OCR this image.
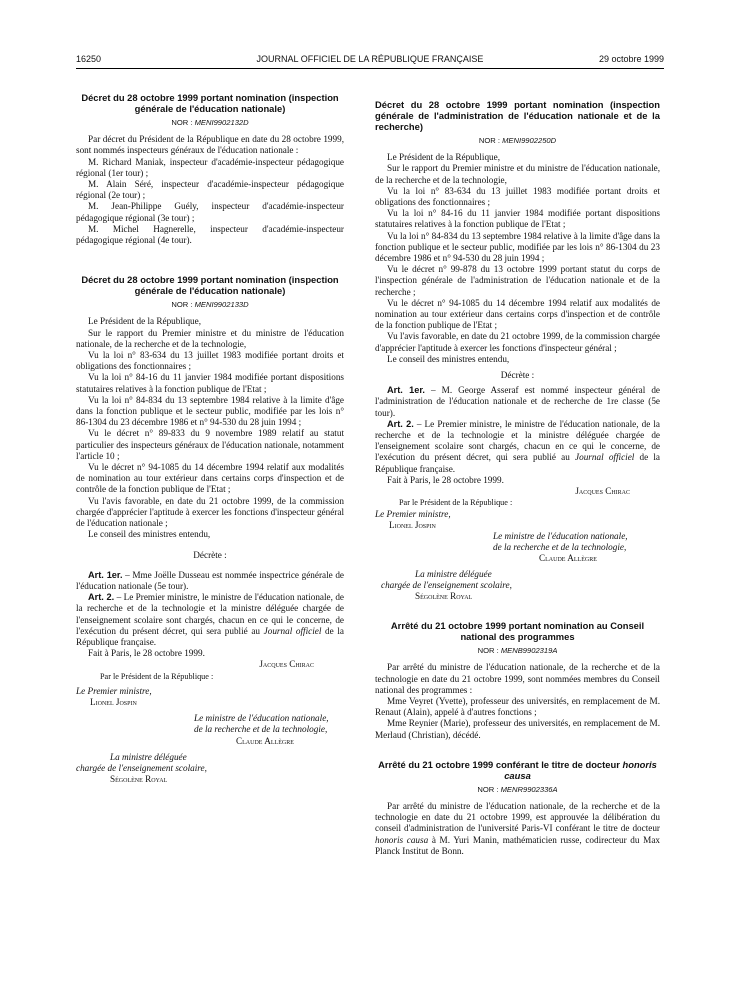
16250	JOURNAL OFFICIEL DE LA RÉPUBLIQUE FRANÇAISE	29 octobre 1999
Décret du 28 octobre 1999 portant nomination (inspection générale de l'éducation nationale)
NOR : MENI9902132D

Par décret du Président de la République en date du 28 octobre 1999, sont nommés inspecteurs généraux de l'éducation nationale :

M. Richard Maniak, inspecteur d'académie-inspecteur pédagogique régional (1er tour) ;

M. Alain Séré, inspecteur d'académie-inspecteur pédagogique régional (2e tour) ;

M. Jean-Philippe Guély, inspecteur d'académie-inspecteur pédagogique régional (3e tour) ;

M. Michel Hagnerelle, inspecteur d'académie-inspecteur pédagogique régional (4e tour).

Décret du 28 octobre 1999 portant nomination (inspection générale de l'éducation nationale)
NOR : MENI9902133D

Le Président de la République,

Sur le rapport du Premier ministre et du ministre de l'éducation nationale, de la recherche et de la technologie,

Vu la loi n° 83-634 du 13 juillet 1983 modifiée portant droits et obligations des fonctionnaires ;

Vu la loi n° 84-16 du 11 janvier 1984 modifiée portant dispositions statutaires relatives à la fonction publique de l'Etat ;

Vu la loi n° 84-834 du 13 septembre 1984 relative à la limite d'âge dans la fonction publique et le secteur public, modifiée par les lois n° 86-1304 du 23 décembre 1986 et n° 94-530 du 28 juin 1994 ;

Vu le décret n° 89-833 du 9 novembre 1989 relatif au statut particulier des inspecteurs généraux de l'éducation nationale, notamment l'article 10 ;

Vu le décret n° 94-1085 du 14 décembre 1994 relatif aux modalités de nomination au tour extérieur dans certains corps d'inspection et de contrôle de la fonction publique de l'Etat ;

Vu l'avis favorable, en date du 21 octobre 1999, de la commission chargée d'apprécier l'aptitude à exercer les fonctions d'inspecteur général de l'éducation nationale ;

Le conseil des ministres entendu,

Décrète :

Art. 1er. – Mme Joëlle Dusseau est nommée inspectrice générale de l'éducation nationale (5e tour).

Art. 2. – Le Premier ministre, le ministre de l'éducation nationale, de la recherche et de la technologie et la ministre déléguée chargée de l'enseignement scolaire sont chargés, chacun en ce qui le concerne, de l'exécution du présent décret, qui sera publié au Journal officiel de la République française.

Fait à Paris, le 28 octobre 1999.

Jacques Chirac

Par le Président de la République :

Le Premier ministre,

Lionel Jospin

Le ministre de l'éducation nationale,

de la recherche et de la technologie,

Claude Allègre

La ministre déléguée

chargée de l'enseignement scolaire,

Ségolène Royal

Décret du 28 octobre 1999 portant nomination (inspection générale de l'administration de l'éducation nationale et de la recherche)
NOR : MENI9902250D

Le Président de la République,

Sur le rapport du Premier ministre et du ministre de l'éducation nationale, de la recherche et de la technologie,

Vu la loi n° 83-634 du 13 juillet 1983 modifiée portant droits et obligations des fonctionnaires ;

Vu la loi n° 84-16 du 11 janvier 1984 modifiée portant dispositions statutaires relatives à la fonction publique de l'Etat ;

Vu la loi n° 84-834 du 13 septembre 1984 relative à la limite d'âge dans la fonction publique et le secteur public, modifiée par les lois n° 86-1304 du 23 décembre 1986 et n° 94-530 du 28 juin 1994 ;

Vu le décret n° 99-878 du 13 octobre 1999 portant statut du corps de l'inspection générale de l'administration de l'éducation nationale et de la recherche ;

Vu le décret n° 94-1085 du 14 décembre 1994 relatif aux modalités de nomination au tour extérieur dans certains corps d'inspection et de contrôle de la fonction publique de l'Etat ;

Vu l'avis favorable, en date du 21 octobre 1999, de la commission chargée d'apprécier l'aptitude à exercer les fonctions d'inspecteur général ;

Le conseil des ministres entendu,

Décrète :

Art. 1er. – M. George Asseraf est nommé inspecteur général de l'administration de l'éducation nationale et de recherche de 1re classe (5e tour).

Art. 2. – Le Premier ministre, le ministre de l'éducation nationale, de la recherche et de la technologie et la ministre déléguée chargée de l'enseignement scolaire sont chargés, chacun en ce qui le concerne, de l'exécution du présent décret, qui sera publié au Journal officiel de la République française.

Fait à Paris, le 28 octobre 1999.

Jacques Chirac

Par le Président de la République :

Le Premier ministre,

Lionel Jospin

Le ministre de l'éducation nationale,

de la recherche et de la technologie,

Claude Allègre

La ministre déléguée

chargée de l'enseignement scolaire,

Ségolène Royal

Arrêté du 21 octobre 1999 portant nomination au Conseil national des programmes
NOR : MENB9902319A

Par arrêté du ministre de l'éducation nationale, de la recherche et de la technologie en date du 21 octobre 1999, sont nommées membres du Conseil national des programmes :

Mme Veyret (Yvette), professeur des universités, en remplacement de M. Renaut (Alain), appelé à d'autres fonctions ;

Mme Reynier (Marie), professeur des universités, en remplacement de M. Merlaud (Christian), décédé.

Arrêté du 21 octobre 1999 conférant le titre de docteur honoris causa
NOR : MENR9902336A

Par arrêté du ministre de l'éducation nationale, de la recherche et de la technologie en date du 21 octobre 1999, est approuvée la délibération du conseil d'administration de l'université Paris-VI conférant le titre de docteur honoris causa à M. Yuri Manin, mathématicien russe, codirecteur du Max Planck Institut de Bonn.
